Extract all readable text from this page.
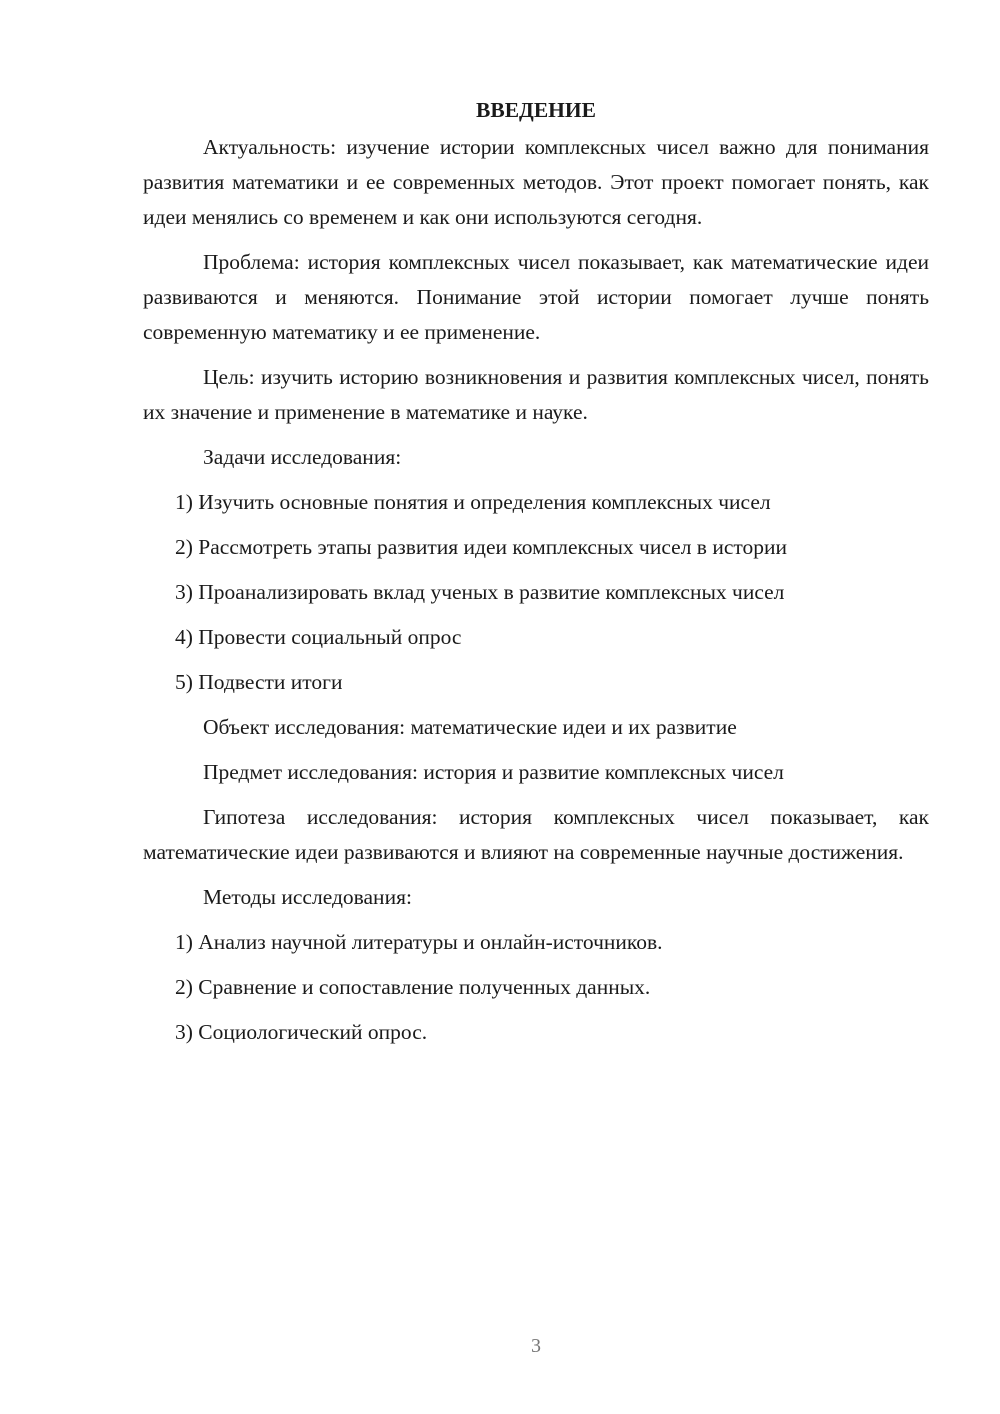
ВВЕДЕНИЕ

Актуальность: изучение истории комплексных чисел важно для понимания развития математики и ее современных методов. Этот проект помогает понять, как идеи менялись со временем и как они используются сегодня.

Проблема: история комплексных чисел показывает, как математические идеи развиваются и меняются. Понимание этой истории помогает лучше понять современную математику и ее применение.

Цель: изучить историю возникновения и развития комплексных чисел, понять их значение и применение в математике и науке.

Задачи исследования:
1) Изучить основные понятия и определения комплексных чисел
2) Рассмотреть этапы развития идеи комплексных чисел в истории
3) Проанализировать вклад ученых в развитие комплексных чисел
4) Провести социальный опрос
5) Подвести итоги
Объект исследования: математические идеи и их развитие
Предмет исследования: история и развитие комплексных чисел

Гипотеза исследования: история комплексных чисел показывает, как математические идеи развиваются и влияют на современные научные достижения.

Методы исследования:
1) Анализ научной литературы и онлайн-источников.
2) Сравнение и сопоставление полученных данных.
3) Социологический опрос.
3
